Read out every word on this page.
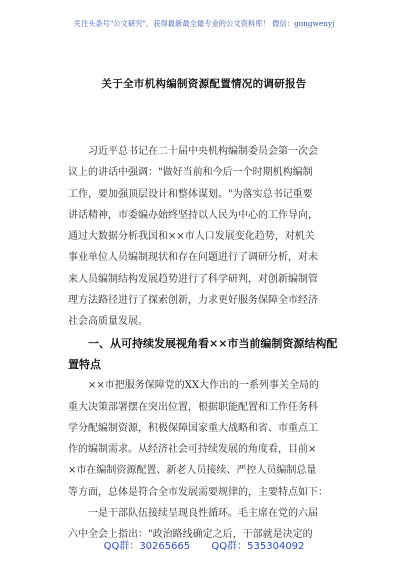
关注头条号"公文研究"，获得最新最全最专业的公文资料库！ 微信：gongwenyj
关于全市机构编制资源配置情况的调研报告
习近平总书记在二十届中央机构编制委员会第一次会
议上的讲话中强调："做好当前和今后一个时期机构编制
工作，要加强顶层设计和整体谋划。"为落实总书记重要
讲话精神，市委编办始终坚持以人民为中心的工作导向，
通过大数据分析我国和××市人口发展变化趋势，对机关
事业单位人员编制现状和存在问题进行了调研分析，对未
来人员编制结构发展趋势进行了科学研判，对创新编制管
理方法路径进行了探索创新，力求更好服务保障全市经济
社会高质量发展。
一、从可持续发展视角看××市当前编制资源结构配
置特点
××市把服务保障党的XX大作出的一系列事关全局的
重大决策部署摆在突出位置，根据职能配置和工作任务科
学分配编制资源，积极保障国家重大战略和省、市重点工
作的编制需求。从经济社会可持续发展的角度看，目前×
×市在编制资源配置、新老人员接续、严控人员编制总量
等方面，总体是符合全市发展需要规律的，主要特点如下：
一是干部队伍接续呈现良性循环。毛主席在党的六届
六中全会上指出："政治路线确定之后，干部就是决定的
QQ群：30265665 QQ群：535304092
